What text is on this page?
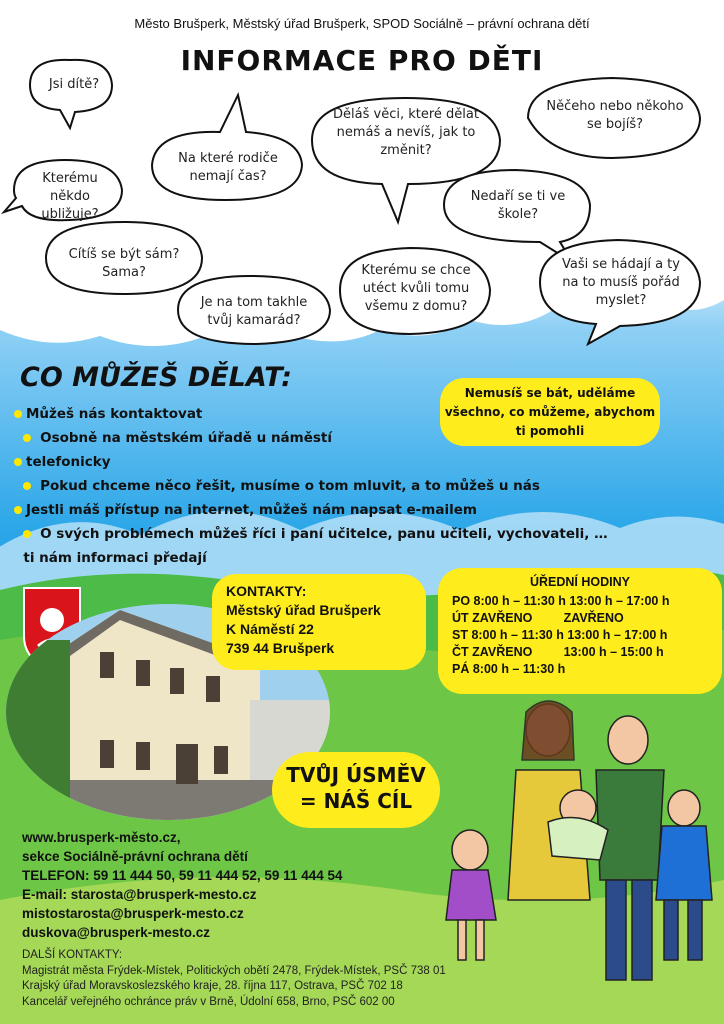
Město Brušperk, Městský úřad Brušperk, SPOD Sociálně – právní ochrana dětí
INFORMACE PRO DĚTI
Jsi dítě?
Kterému někdo ubližuje?
Na které rodiče nemají čas?
Děláš věci, které dělat nemáš a nevíš, jak to změnit?
Něčeho nebo někoho se bojíš?
Nedaří se ti ve škole?
Cítíš se být sám? Sama?
Je na tom takhle tvůj kamarád?
Kterému se chce utéct kvůli tomu všemu z domu?
Vaši se hádají a ty na to musíš pořád myslet?
CO MŮŽEŠ DĚLAT:	Nemusíš se bát, uděláme všechno, co můžeme, abychom ti pomohli
Můžeš nás kontaktovat
Osobně na městském úřadě u náměstí
telefonicky
Pokud chceme něco řešit, musíme o tom mluvit, a to můžeš u nás
Jestli máš přístup na internet, můžeš nám napsat e-mailem
O svých problémech můžeš říci i paní učitelce, panu učiteli, vychovateli, …
ti nám informaci předají
KONTAKTY:
Městský úřad Brušperk
K Náměstí 22
739 44 Brušperk
ÚŘEDNÍ HODINY
PO 8:00 h – 11:30 h 13:00 h – 17:00 h
ÚT ZAVŘENO         ZAVŘENO
ST 8:00 h – 11:30 h 13:00 h – 17:00 h
ČT ZAVŘENO         13:00 h – 15:00 h
PÁ 8:00 h – 11:30 h
TVŮJ ÚSMĚV
= NÁŠ CÍL
www.brusperk-město.cz,
sekce Sociálně-právní ochrana dětí
TELEFON: 59 11 444 50, 59 11 444 52, 59 11 444 54
E-mail: starosta@brusperk-mesto.cz
mistostarosta@brusperk-mesto.cz
duskova@brusperk-mesto.cz
DALŠÍ KONTAKTY:
Magistrát města Frýdek-Místek, Politických obětí 2478, Frýdek-Místek, PSČ 738 01
Krajský úřad Moravskoslezského kraje, 28. října 117, Ostrava, PSČ 702 18
Kancelář veřejného ochránce práv v Brně, Údolní 658, Brno, PSČ 602 00
